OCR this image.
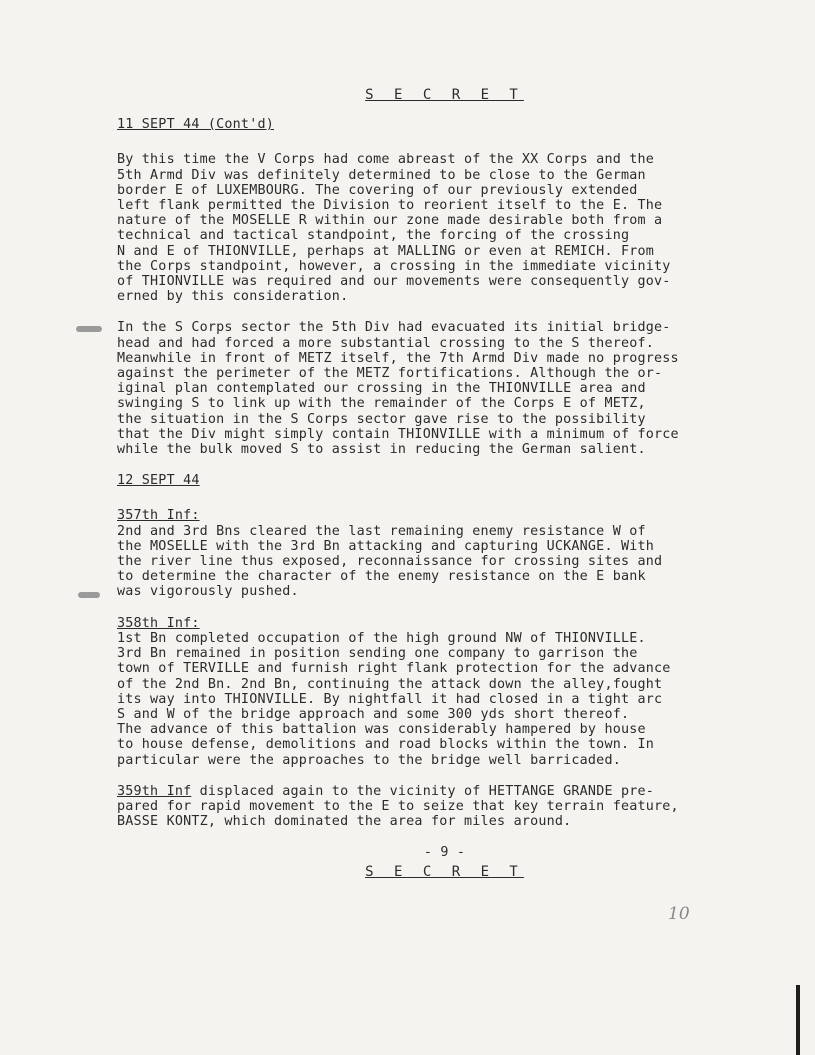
S E C R E T
11 SEPT 44 (Cont'd)

By this time the V Corps had come abreast of the XX Corps and the
5th Armd Div was definitely determined to be close to the German
border E of LUXEMBOURG. The covering of our previously extended
left flank permitted the Division to reorient itself to the E. The
nature of the MOSELLE R within our zone made desirable both from a
technical and tactical standpoint, the forcing of the crossing
N and E of THIONVILLE, perhaps at MALLING or even at REMICH. From
the Corps standpoint, however, a crossing in the immediate vicinity
of THIONVILLE was required and our movements were consequently gov-
erned by this consideration.

In the S Corps sector the 5th Div had evacuated its initial bridge-
head and had forced a more substantial crossing to the S thereof.
Meanwhile in front of METZ itself, the 7th Armd Div made no progress
against the perimeter of the METZ fortifications. Although the or-
iginal plan contemplated our crossing in the THIONVILLE area and
swinging S to link up with the remainder of the Corps E of METZ,
the situation in the S Corps sector gave rise to the possibility
that the Div might simply contain THIONVILLE with a minimum of force
while the bulk moved S to assist in reducing the German salient.

12 SEPT 44

357th Inf:
2nd and 3rd Bns cleared the last remaining enemy resistance W of
the MOSELLE with the 3rd Bn attacking and capturing UCKANGE. With
the river line thus exposed, reconnaissance for crossing sites and
to determine the character of the enemy resistance on the E bank
was vigorously pushed.

358th Inf:
1st Bn completed occupation of the high ground NW of THIONVILLE.
3rd Bn remained in position sending one company to garrison the
town of TERVILLE and furnish right flank protection for the advance
of the 2nd Bn. 2nd Bn, continuing the attack down the alley,fought
its way into THIONVILLE. By nightfall it had closed in a tight arc
S and W of the bridge approach and some 300 yds short thereof.
The advance of this battalion was considerably hampered by house
to house defense, demolitions and road blocks within the town. In
particular were the approaches to the bridge well barricaded.

359th Inf displaced again to the vicinity of HETTANGE GRANDE pre-
pared for rapid movement to the E to seize that key terrain feature,
BASSE KONTZ, which dominated the area for miles around.

- 9 -
S E C R E T
10
